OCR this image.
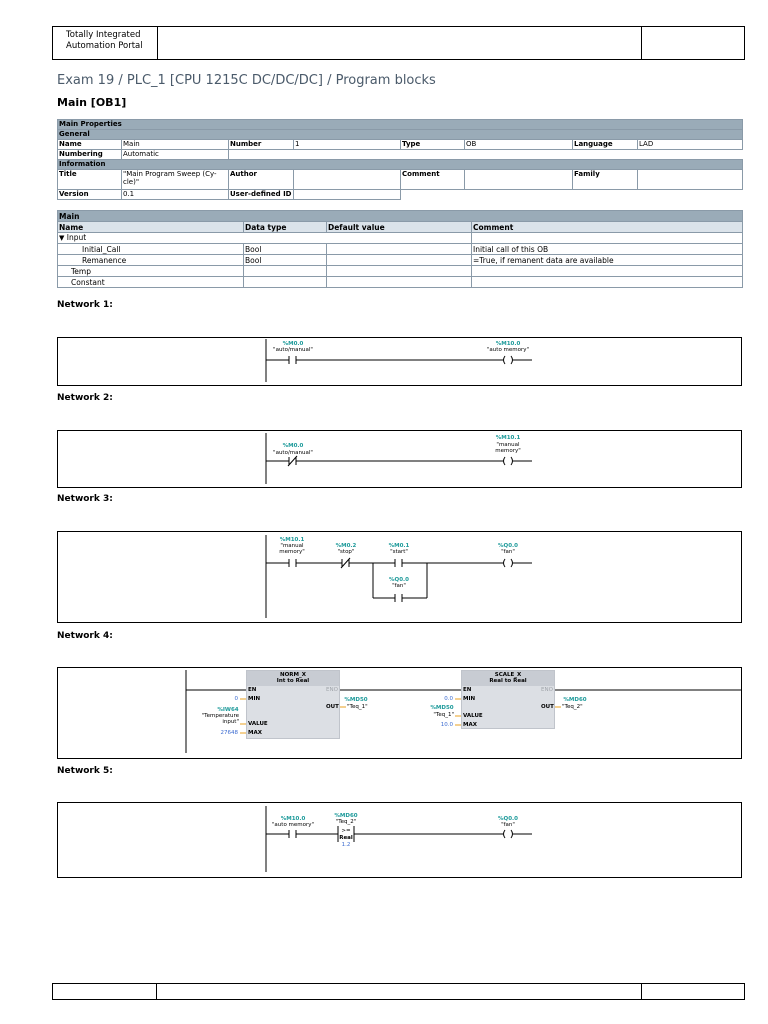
Totally Integrated
Automation Portal
Exam 19 / PLC_1 [CPU 1215C DC/DC/DC] / Program blocks
Main [OB1]
Main Properties							
General							
Name	Main	Number	1	Type	OB	Language	LAD
Numbering	Automatic						
Information							
Title	"Main Program Sweep (Cy-cle)"	Author		Comment		Family	
Version	0.1	User-defined ID					
Main			
Name	Data type	Default value	Comment
▼ Input			
Initial_Call	Bool		Initial call of this OB
Remanence	Bool		=True, if remanent data are available
Temp			
Constant			
Network 1:
%M0.0
"auto/manual"
%M10.0
"auto memory"
Network 2:
%M0.0
"auto/manual"
%M10.1
"manual
memory"
Network 3:
%M10.1
"manual
memory"
%M0.2
"stop"
%M0.1
"start"
%Q0.0
"fan"
%Q0.0
"fan"
Network 4:
NORM_X
Int to Real
EN	ENO
MIN
VALUE
MAX
OUT
0
%IW64
"Temperature
input"
27648
%MD50
"Teq_1"
SCALE_X
Real to Real
EN	ENO
MIN
VALUE
MAX
OUT
0.0
%MD50
"Teq_1"
10.0
%MD60
"Teq_2"
Network 5:
%M10.0
"auto memory"
%MD60
"Teq_2"
>=
Real
1.2
%Q0.0
"fan"
